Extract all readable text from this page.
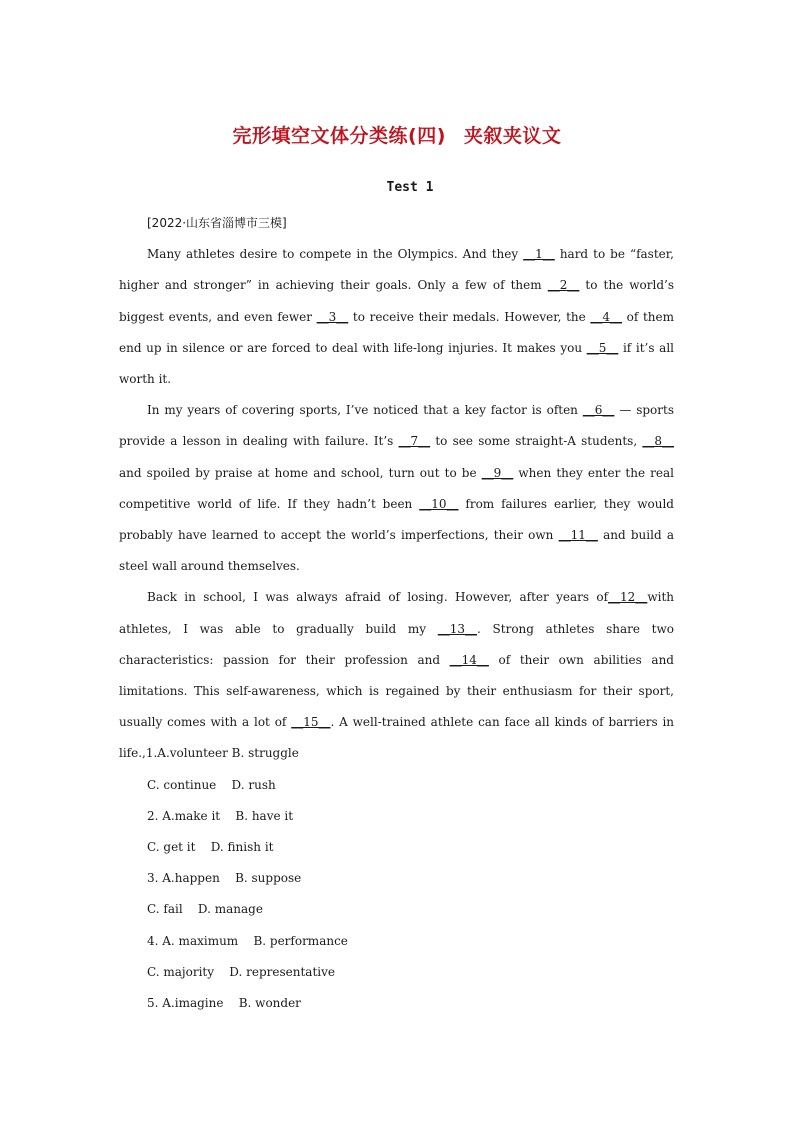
完形填空文体分类练(四) 夹叙夹议文
Test 1
[2022·山东省淄博市三模]

Many athletes desire to compete in the Olympics. And they __1__ hard to be “faster, higher and stronger” in achieving their goals. Only a few of them __2__ to the world’s biggest events, and even fewer __3__ to receive their medals. However, the __4__ of them end up in silence or are forced to deal with life-long injuries. It makes you __5__ if it’s all worth it.

In my years of covering sports, I’ve noticed that a key factor is often __6__ — sports provide a lesson in dealing with failure. It’s __7__ to see some straight-A students, __8__ and spoiled by praise at home and school, turn out to be __9__ when they enter the real competitive world of life. If they hadn’t been __10__ from failures earlier, they would probably have learned to accept the world’s imperfections, their own __11__ and build a steel wall around themselves.

Back in school, I was always afraid of losing. However, after years of__12__with athletes, I was able to gradually build my __13__. Strong athletes share two characteristics: passion for their profession and __14__ of their own abilities and limitations. This self-awareness, which is regained by their enthusiasm for their sport, usually comes with a lot of __15__. A well-trained athlete can face all kinds of barriers in life.,1.A.volunteer B. struggle

C. continue    D. rush
2. A.make it    B. have it
C. get it    D. finish it
3. A.happen    B. suppose
C. fail    D. manage
4. A. maximum    B. performance
C. majority    D. representative
5. A.imagine    B. wonder
